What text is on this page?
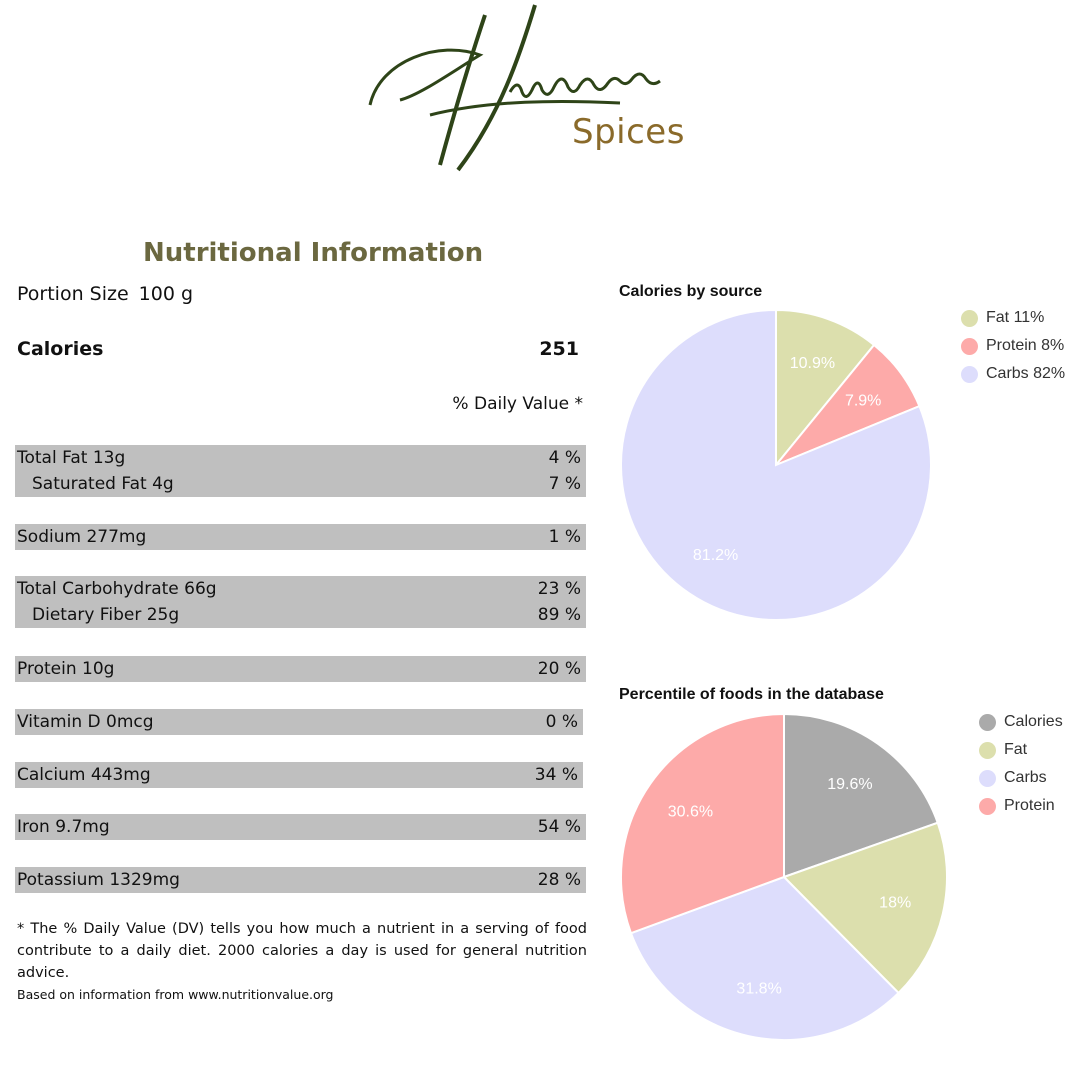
Spices
Nutritional Information
Portion Size 100 g
Calories	251
% Daily Value *
Total Fat 13g	4 %
Saturated Fat 4g	7 %
Sodium 277mg	1 %
Total Carbohydrate 66g	23 %
Dietary Fiber 25g	89 %
Protein 10g	20 %
Vitamin D 0mcg	0 %
Calcium 443mg	34 %
Iron 9.7mg	54 %
Potassium 1329mg	28 %
* The % Daily Value (DV) tells you how much a nutrient in a serving of food contribute to a daily diet. 2000 calories a day is used for general nutrition advice.
Based on information from www.nutritionvalue.org
Calories by source
10.9%
7.9%
81.2%
Fat 11%
Protein 8%
Carbs 82%
Percentile of foods in the database
19.6%
18%
31.8%
30.6%
Calories
Fat
Carbs
Protein
